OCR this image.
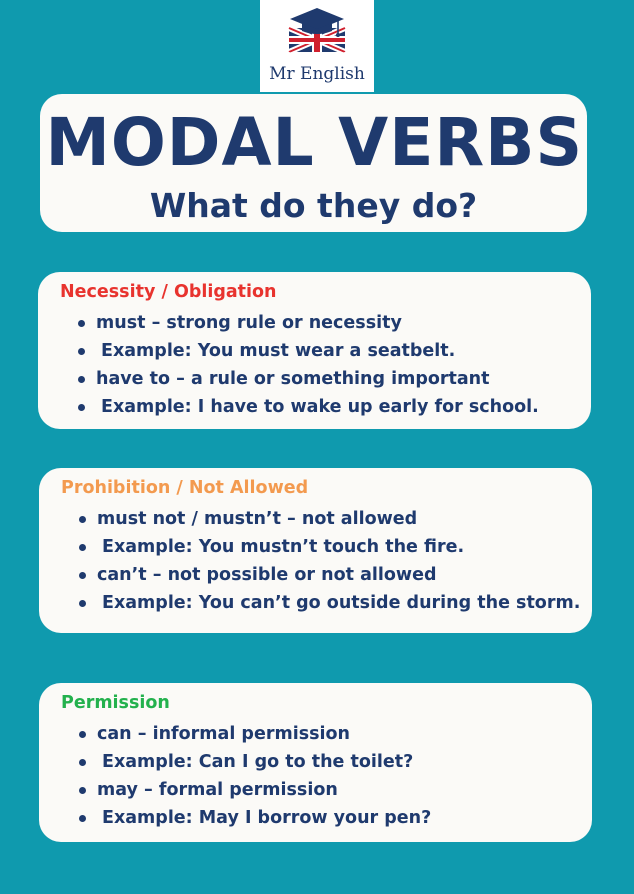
Mr English
MODAL VERBS
What do they do?
Necessity / Obligation
must – strong rule or necessity
Example: You must wear a seatbelt.
have to – a rule or something important
Example: I have to wake up early for school.
Prohibition / Not Allowed
must not / mustn’t – not allowed
Example: You mustn’t touch the fire.
can’t – not possible or not allowed
Example: You can’t go outside during the storm.
Permission
can – informal permission
Example: Can I go to the toilet?
may – formal permission
Example: May I borrow your pen?
